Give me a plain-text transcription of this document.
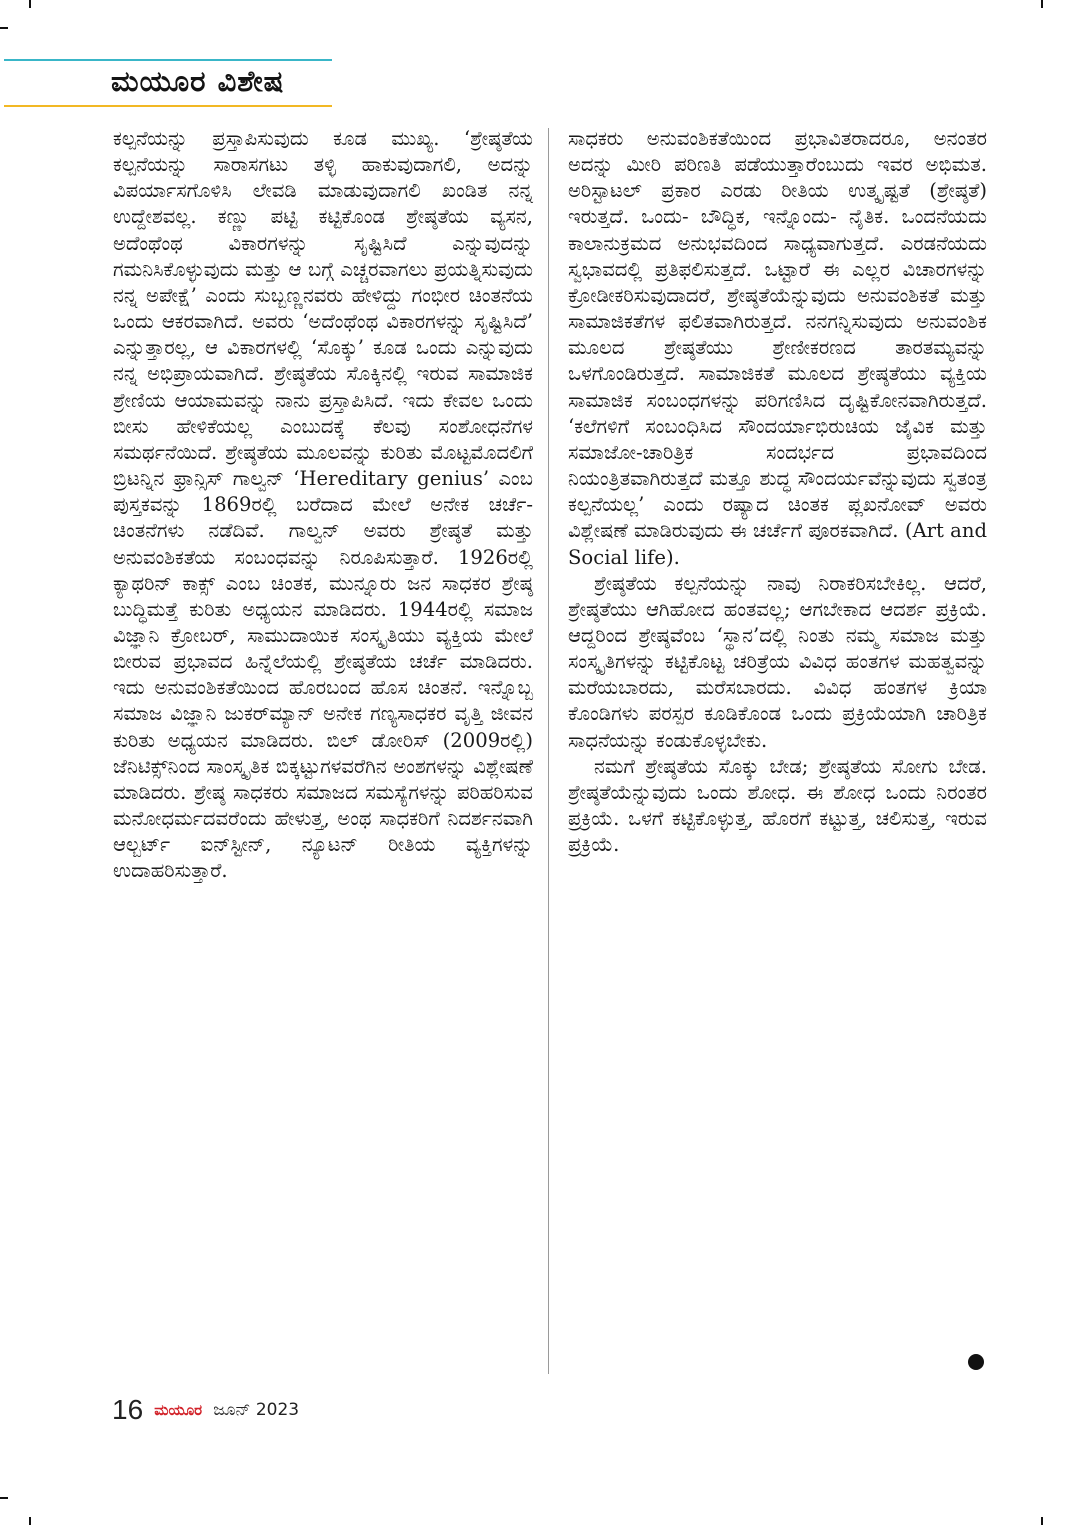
ಮಯೂರ ವಿಶೇಷ

ಕಲ್ಪನೆಯನ್ನು ಪ್ರಸ್ತಾಪಿಸುವುದು ಕೂಡ ಮುಖ್ಯ. ‘ಶ್ರೇಷ್ಠತೆಯ ಕಲ್ಪನೆಯನ್ನು ಸಾರಾಸಗಟು ತಳ್ಳಿ ಹಾಕುವುದಾಗಲಿ, ಅದನ್ನು ವಿಪರ್ಯಾಸಗೊಳಿಸಿ ಲೇವಡಿ ಮಾಡುವುದಾಗಲಿ ಖಂಡಿತ ನನ್ನ ಉದ್ದೇಶವಲ್ಲ. ಕಣ್ಣು ಪಟ್ಟಿ ಕಟ್ಟಿಕೊಂಡ ಶ್ರೇಷ್ಠತೆಯ ವ್ಯಸನ, ಅದೆಂಥೆಂಥ ವಿಕಾರಗಳನ್ನು ಸೃಷ್ಟಿಸಿದೆ ಎನ್ನುವುದನ್ನು ಗಮನಿಸಿಕೊಳ್ಳುವುದು ಮತ್ತು ಆ ಬಗ್ಗೆ ಎಚ್ಚರವಾಗಲು ಪ್ರಯತ್ನಿಸುವುದು ನನ್ನ ಅಪೇಕ್ಷೆ’ ಎಂದು ಸುಬ್ಬಣ್ಣನವರು ಹೇಳಿದ್ದು ಗಂಭೀರ ಚಿಂತನೆಯ ಒಂದು ಆಕರವಾಗಿದೆ. ಅವರು ‘ಅದೆಂಥೆಂಥ ವಿಕಾರಗಳನ್ನು ಸೃಷ್ಟಿಸಿದೆ’ ಎನ್ನುತ್ತಾರಲ್ಲ, ಆ ವಿಕಾರಗಳಲ್ಲಿ ‘ಸೊಕ್ಕು’ ಕೂಡ ಒಂದು ಎನ್ನುವುದು ನನ್ನ ಅಭಿಪ್ರಾಯವಾಗಿದೆ. ಶ್ರೇಷ್ಠತೆಯ ಸೊಕ್ಕಿನಲ್ಲಿ ಇರುವ ಸಾಮಾಜಿಕ ಶ್ರೇಣಿಯ ಆಯಾಮವನ್ನು ನಾನು ಪ್ರಸ್ತಾಪಿಸಿದೆ. ಇದು ಕೇವಲ ಒಂದು ಬೀಸು ಹೇಳಿಕೆಯಲ್ಲ ಎಂಬುದಕ್ಕೆ ಕೆಲವು ಸಂಶೋಧನೆಗಳ ಸಮರ್ಥನೆಯಿದೆ. ಶ್ರೇಷ್ಠತೆಯ ಮೂಲವನ್ನು ಕುರಿತು ಮೊಟ್ಟಮೊದಲಿಗೆ ಬ್ರಿಟನ್ನಿನ ಫ್ರಾನ್ಸಿಸ್ ಗಾಲ್ವನ್ ‘Hereditary genius’ ಎಂಬ ಪುಸ್ತಕವನ್ನು 1869ರಲ್ಲಿ ಬರೆದಾದ ಮೇಲೆ ಅನೇಕ ಚರ್ಚೆ-ಚಿಂತನೆಗಳು ನಡೆದಿವೆ. ಗಾಲ್ವನ್ ಅವರು ಶ್ರೇಷ್ಠತೆ ಮತ್ತು ಅನುವಂಶಿಕತೆಯ ಸಂಬಂಧವನ್ನು ನಿರೂಪಿಸುತ್ತಾರೆ. 1926ರಲ್ಲಿ ಕ್ಯಾಥರಿನ್ ಕಾಕ್ಸ್ ಎಂಬ ಚಿಂತಕ, ಮುನ್ನೂರು ಜನ ಸಾಧಕರ ಶ್ರೇಷ್ಠ ಬುದ್ಧಿಮತ್ತೆ ಕುರಿತು ಅಧ್ಯಯನ ಮಾಡಿದರು. 1944ರಲ್ಲಿ ಸಮಾಜ ವಿಜ್ಞಾನಿ ಕ್ರೋಬರ್, ಸಾಮುದಾಯಿಕ ಸಂಸ್ಕೃತಿಯು ವ್ಯಕ್ತಿಯ ಮೇಲೆ ಬೀರುವ ಪ್ರಭಾವದ ಹಿನ್ನೆಲೆಯಲ್ಲಿ ಶ್ರೇಷ್ಠತೆಯ ಚರ್ಚೆ ಮಾಡಿದರು. ಇದು ಅನುವಂಶಿಕತೆಯಿಂದ ಹೊರಬಂದ ಹೊಸ ಚಿಂತನೆ. ಇನ್ನೊಬ್ಬ ಸಮಾಜ ವಿಜ್ಞಾನಿ ಜುಕರ್‌ಮ್ಯಾನ್ ಅನೇಕ ಗಣ್ಯಸಾಧಕರ ವೃತ್ತಿ ಜೀವನ ಕುರಿತು ಅಧ್ಯಯನ ಮಾಡಿದರು. ಬಿಲ್ ಡೋರಿಸ್ (2009ರಲ್ಲಿ) ಜೆನಿಟಿಕ್ಸ್‌ನಿಂದ ಸಾಂಸ್ಕೃತಿಕ ಬಿಕ್ಕಟ್ಟುಗಳವರೆಗಿನ ಅಂಶಗಳನ್ನು ವಿಶ್ಲೇಷಣೆ ಮಾಡಿದರು. ಶ್ರೇಷ್ಠ ಸಾಧಕರು ಸಮಾಜದ ಸಮಸ್ಯೆಗಳನ್ನು ಪರಿಹರಿಸುವ ಮನೋಧರ್ಮದವರೆಂದು ಹೇಳುತ್ತ, ಅಂಥ ಸಾಧಕರಿಗೆ ನಿದರ್ಶನವಾಗಿ ಆಲ್ಬರ್ಟ್ ಐನ್‌ಸ್ಟೀನ್, ನ್ಯೂಟನ್ ರೀತಿಯ ವ್ಯಕ್ತಿಗಳನ್ನು ಉದಾಹರಿಸುತ್ತಾರೆ.

ಸಾಧಕರು ಅನುವಂಶಿಕತೆಯಿಂದ ಪ್ರಭಾವಿತರಾದರೂ, ಅನಂತರ ಅದನ್ನು ಮೀರಿ ಪರಿಣತಿ ಪಡೆಯುತ್ತಾರೆಂಬುದು ಇವರ ಅಭಿಮತ. ಅರಿಸ್ಟಾಟಲ್ ಪ್ರಕಾರ ಎರಡು ರೀತಿಯ ಉತ್ಕೃಷ್ಟತೆ (ಶ್ರೇಷ್ಠತೆ) ಇರುತ್ತದೆ. ಒಂದು- ಬೌದ್ಧಿಕ, ಇನ್ನೊಂದು- ನೈತಿಕ. ಒಂದನೆಯದು ಕಾಲಾನುಕ್ರಮದ ಅನುಭವದಿಂದ ಸಾಧ್ಯವಾಗುತ್ತದೆ. ಎರಡನೆಯದು ಸ್ವಭಾವದಲ್ಲಿ ಪ್ರತಿಫಲಿಸುತ್ತದೆ. ಒಟ್ಟಾರೆ ಈ ಎಲ್ಲರ ವಿಚಾರಗಳನ್ನು ಕ್ರೋಡೀಕರಿಸುವುದಾದರೆ, ಶ್ರೇಷ್ಠತೆಯೆನ್ನುವುದು ಅನುವಂಶಿಕತೆ ಮತ್ತು ಸಾಮಾಜಿಕತೆಗಳ ಫಲಿತವಾಗಿರುತ್ತದೆ. ನನಗನ್ನಿಸುವುದು ಅನುವಂಶಿಕ ಮೂಲದ ಶ್ರೇಷ್ಠತೆಯು ಶ್ರೇಣೀಕರಣದ ತಾರತಮ್ಯವನ್ನು ಒಳಗೊಂಡಿರುತ್ತದೆ. ಸಾಮಾಜಿಕತೆ ಮೂಲದ ಶ್ರೇಷ್ಠತೆಯು ವ್ಯಕ್ತಿಯ ಸಾಮಾಜಿಕ ಸಂಬಂಧಗಳನ್ನು ಪರಿಗಣಿಸಿದ ದೃಷ್ಟಿಕೋನವಾಗಿರುತ್ತದೆ. ‘ಕಲೆಗಳಿಗೆ ಸಂಬಂಧಿಸಿದ ಸೌಂದರ್ಯಾಭಿರುಚಿಯ ಜೈವಿಕ ಮತ್ತು ಸಮಾಜೋ-ಚಾರಿತ್ರಿಕ ಸಂದರ್ಭದ ಪ್ರಭಾವದಿಂದ ನಿಯಂತ್ರಿತವಾಗಿರುತ್ತದೆ ಮತ್ತೂ ಶುದ್ಧ ಸೌಂದರ್ಯವೆನ್ನುವುದು ಸ್ವತಂತ್ರ ಕಲ್ಪನೆಯಲ್ಲ’ ಎಂದು ರಷ್ಯಾದ ಚಿಂತಕ ಪ್ಲಖನೋವ್ ಅವರು ವಿಶ್ಲೇಷಣೆ ಮಾಡಿರುವುದು ಈ ಚರ್ಚೆಗೆ ಪೂರಕವಾಗಿದೆ. (Art and Social life).

ಶ್ರೇಷ್ಠತೆಯ ಕಲ್ಪನೆಯನ್ನು ನಾವು ನಿರಾಕರಿಸಬೇಕಿಲ್ಲ. ಆದರೆ, ಶ್ರೇಷ್ಠತೆಯು ಆಗಿಹೋದ ಹಂತವಲ್ಲ; ಆಗಬೇಕಾದ ಆದರ್ಶ ಪ್ರಕ್ರಿಯೆ. ಆದ್ದರಿಂದ ಶ್ರೇಷ್ಠವೆಂಬ ‘ಸ್ಥಾನ’ದಲ್ಲಿ ನಿಂತು ನಮ್ಮ ಸಮಾಜ ಮತ್ತು ಸಂಸ್ಕೃತಿಗಳನ್ನು ಕಟ್ಟಿಕೊಟ್ಟ ಚರಿತ್ರೆಯ ವಿವಿಧ ಹಂತಗಳ ಮಹತ್ವವನ್ನು ಮರೆಯಬಾರದು, ಮರೆಸಬಾರದು. ವಿವಿಧ ಹಂತಗಳ ಕ್ರಿಯಾ ಕೊಂಡಿಗಳು ಪರಸ್ಪರ ಕೂಡಿಕೊಂಡ ಒಂದು ಪ್ರಕ್ರಿಯೆಯಾಗಿ ಚಾರಿತ್ರಿಕ ಸಾಧನೆಯನ್ನು ಕಂಡುಕೊಳ್ಳಬೇಕು.

ನಮಗೆ ಶ್ರೇಷ್ಠತೆಯ ಸೊಕ್ಕು ಬೇಡ; ಶ್ರೇಷ್ಠತೆಯ ಸೋಗು ಬೇಡ. ಶ್ರೇಷ್ಠತೆಯೆನ್ನುವುದು ಒಂದು ಶೋಧ. ಈ ಶೋಧ ಒಂದು ನಿರಂತರ ಪ್ರಕ್ರಿಯೆ. ಒಳಗೆ ಕಟ್ಟಿಕೊಳ್ಳುತ್ತ, ಹೊರಗೆ ಕಟ್ಟುತ್ತ, ಚಲಿಸುತ್ತ, ಇರುವ ಪ್ರಕ್ರಿಯೆ.

16 ಮಯೂರ ಜೂನ್ 2023
